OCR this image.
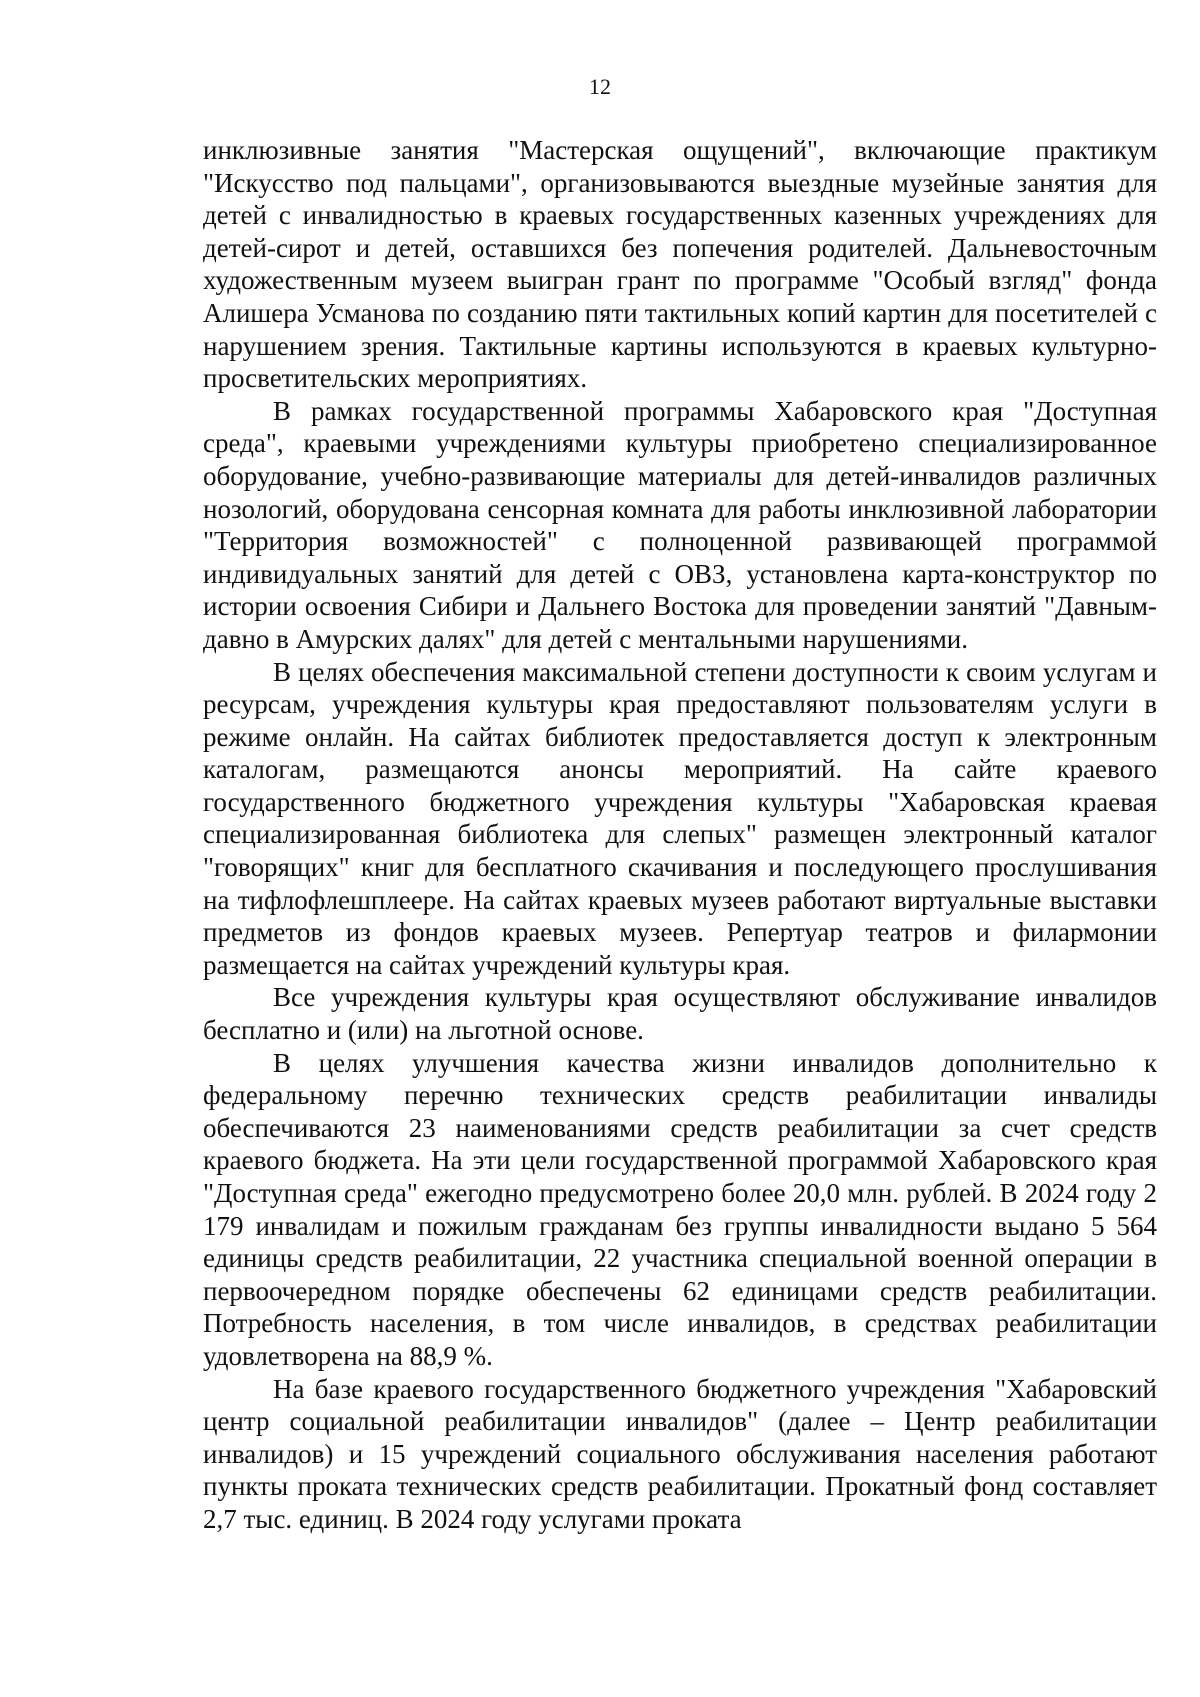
12

инклюзивные занятия "Мастерская ощущений", включающие практикум "Искусство под пальцами", организовываются выездные музейные занятия для детей с инвалидностью в краевых государственных казенных учреждениях для детей-сирот и детей, оставшихся без попечения родителей. Дальневосточным художественным музеем выигран грант по программе "Особый взгляд" фонда Алишера Усманова по созданию пяти тактильных копий картин для посетителей с нарушением зрения. Тактильные картины используются в краевых культурно-просветительских мероприятиях.

В рамках государственной программы Хабаровского края "Доступная среда", краевыми учреждениями культуры приобретено специализированное оборудование, учебно-развивающие материалы для детей-инвалидов различных нозологий, оборудована сенсорная комната для работы инклюзивной лаборатории "Территория возможностей" с полноценной развивающей программой индивидуальных занятий для детей с ОВЗ, установлена карта-конструктор по истории освоения Сибири и Дальнего Востока для проведении занятий "Давным-давно в Амурских далях" для детей с ментальными нарушениями.

В целях обеспечения максимальной степени доступности к своим услугам и ресурсам, учреждения культуры края предоставляют пользователям услуги в режиме онлайн. На сайтах библиотек предоставляется доступ к электронным каталогам, размещаются анонсы мероприятий. На сайте краевого государственного бюджетного учреждения культуры "Хабаровская краевая специализированная библиотека для слепых" размещен электронный каталог "говорящих" книг для бесплатного скачивания и последующего прослушивания на тифлофлешплеере. На сайтах краевых музеев работают виртуальные выставки предметов из фондов краевых музеев. Репертуар театров и филармонии размещается на сайтах учреждений культуры края.

Все учреждения культуры края осуществляют обслуживание инвалидов бесплатно и (или) на льготной основе.

В целях улучшения качества жизни инвалидов дополнительно к федеральному перечню технических средств реабилитации инвалиды обеспечиваются 23 наименованиями средств реабилитации за счет средств краевого бюджета. На эти цели государственной программой Хабаровского края "Доступная среда" ежегодно предусмотрено более 20,0 млн. рублей. В 2024 году 2 179 инвалидам и пожилым гражданам без группы инвалидности выдано 5 564 единицы средств реабилитации, 22 участника специальной военной операции в первоочередном порядке обеспечены 62 единицами средств реабилитации. Потребность населения, в том числе инвалидов, в средствах реабилитации удовлетворена на 88,9 %.

На базе краевого государственного бюджетного учреждения "Хабаровский центр социальной реабилитации инвалидов" (далее – Центр реабилитации инвалидов) и 15 учреждений социального обслуживания населения работают пункты проката технических средств реабилитации. Прокатный фонд составляет 2,7 тыс. единиц. В 2024 году услугами проката
